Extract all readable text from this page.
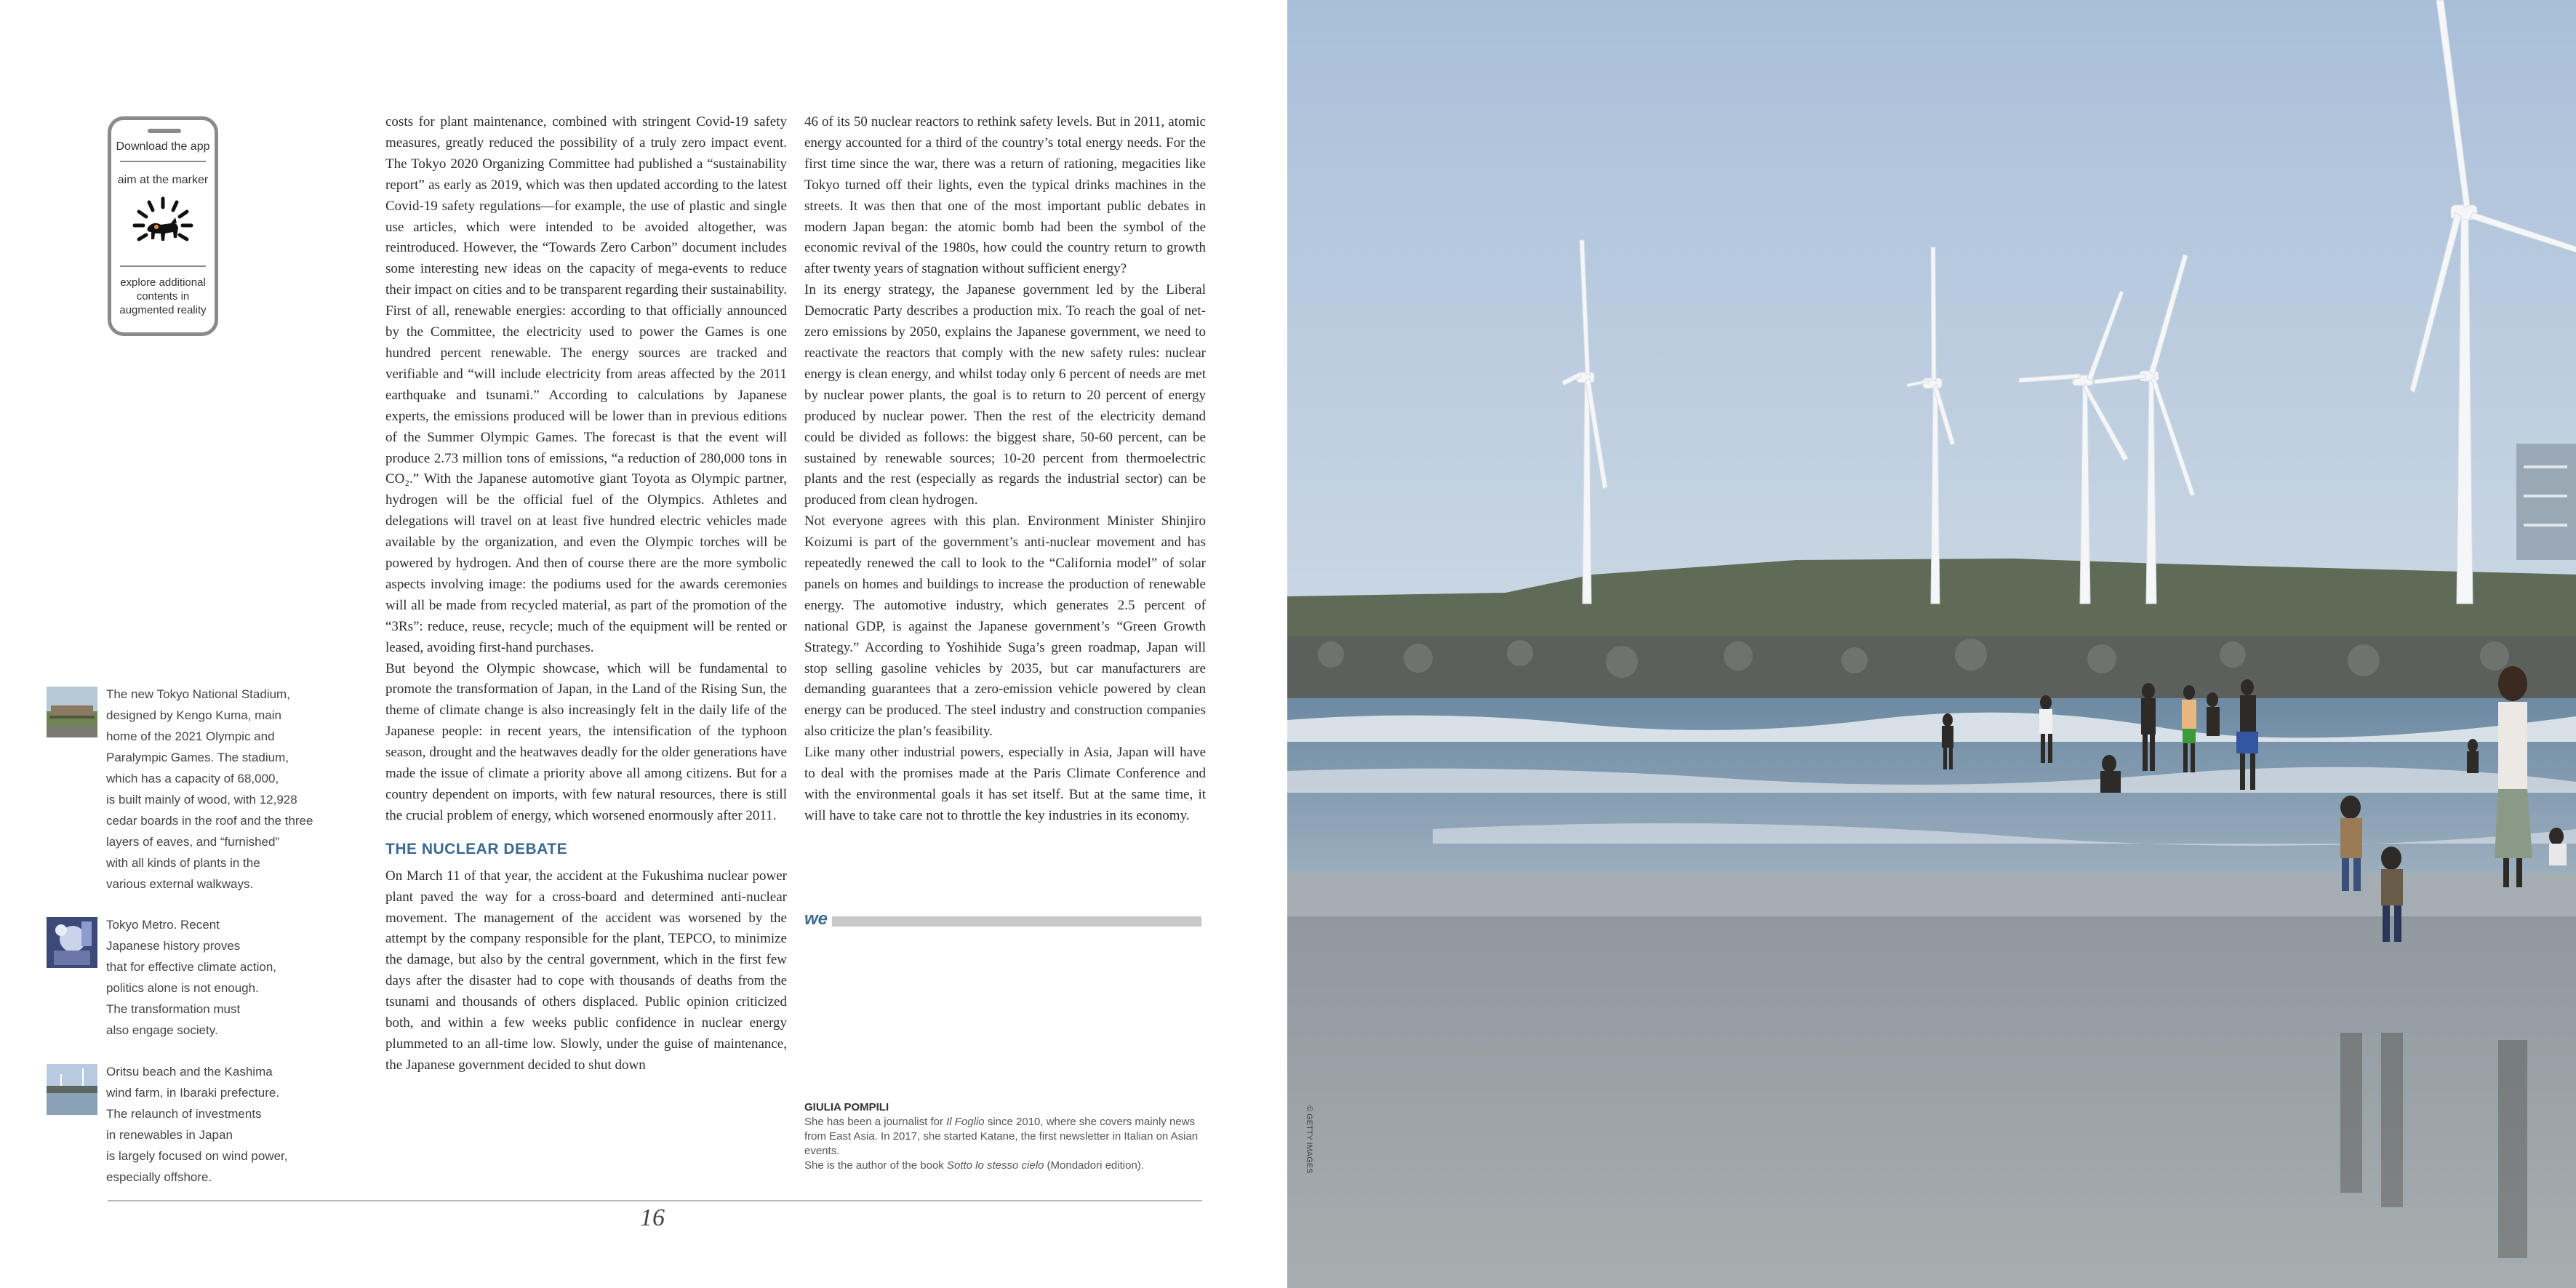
Download the app
aim at the marker
explore additional contents in augmented reality
The new Tokyo National Stadium,
designed by Kengo Kuma, main
home of the 2021 Olympic and
Paralympic Games. The stadium,
which has a capacity of 68,000,
is built mainly of wood, with 12,928
cedar boards in the roof and the three
layers of eaves, and “furnished”
with all kinds of plants in the
various external walkways.
Tokyo Metro. Recent
Japanese history proves
that for effective climate action,
politics alone is not enough.
The transformation must
also engage society.
Oritsu beach and the Kashima
wind farm, in Ibaraki prefecture.
The relaunch of investments
in renewables in Japan
is largely focused on wind power,
especially offshore.

costs for plant maintenance, combined with stringent Covid-19 safety measures, greatly reduced the possibility of a truly zero impact event. The Tokyo 2020 Organizing Committee had published a “sustainability report” as early as 2019, which was then updated according to the latest Covid-19 safety regulations—for example, the use of plastic and single use articles, which were intended to be avoided altogether, was reintroduced. However, the “Towards Zero Carbon” document includes some interesting new ideas on the capacity of mega-events to reduce their impact on cities and to be transparent regarding their sustainability. First of all, renewable energies: according to that officially announced by the Committee, the electricity used to power the Games is one hundred percent renewable. The energy sources are tracked and verifiable and “will include electricity from areas affected by the 2011 earthquake and tsunami.” According to calculations by Japanese experts, the emissions produced will be lower than in previous editions of the Summer Olympic Games. The forecast is that the event will produce 2.73 million tons of emissions, “a reduction of 280,000 tons in CO₂.” With the Japanese automotive giant Toyota as Olympic partner, hydrogen will be the official fuel of the Olympics. Athletes and delegations will travel on at least five hundred electric vehicles made available by the organization, and even the Olympic torches will be powered by hydrogen. And then of course there are the more symbolic aspects involving image: the podiums used for the awards ceremonies will all be made from recycled material, as part of the promotion of the “3Rs”: reduce, reuse, recycle; much of the equipment will be rented or leased, avoiding first-hand purchases.

But beyond the Olympic showcase, which will be fundamental to promote the transformation of Japan, in the Land of the Rising Sun, the theme of climate change is also increasingly felt in the daily life of the Japanese people: in recent years, the intensification of the typhoon season, drought and the heatwaves deadly for the older generations have made the issue of climate a priority above all among citizens. But for a country dependent on imports, with few natural resources, there is still the crucial problem of energy, which worsened enormously after 2011.

THE NUCLEAR DEBATE

On March 11 of that year, the accident at the Fukushima nuclear power plant paved the way for a cross-board and determined anti-nuclear movement. The management of the accident was worsened by the attempt by the company responsible for the plant, TEPCO, to minimize the damage, but also by the central government, which in the first few days after the disaster had to cope with thousands of deaths from the tsunami and thousands of others displaced. Public opinion criticized both, and within a few weeks public confidence in nuclear energy plummeted to an all-time low. Slowly, under the guise of maintenance, the Japanese government decided to shut down

46 of its 50 nuclear reactors to rethink safety levels. But in 2011, atomic energy accounted for a third of the country’s total energy needs. For the first time since the war, there was a return of rationing, megacities like Tokyo turned off their lights, even the typical drinks machines in the streets. It was then that one of the most important public debates in modern Japan began: the atomic bomb had been the symbol of the economic revival of the 1980s, how could the country return to growth after twenty years of stagnation without sufficient energy?

In its energy strategy, the Japanese government led by the Liberal Democratic Party describes a production mix. To reach the goal of net-zero emissions by 2050, explains the Japanese government, we need to reactivate the reactors that comply with the new safety rules: nuclear energy is clean energy, and whilst today only 6 percent of needs are met by nuclear power plants, the goal is to return to 20 percent of energy produced by nuclear power. Then the rest of the electricity demand could be divided as follows: the biggest share, 50-60 percent, can be sustained by renewable sources; 10-20 percent from thermoelectric plants and the rest (especially as regards the industrial sector) can be produced from clean hydrogen.

Not everyone agrees with this plan. Environment Minister Shinjiro Koizumi is part of the government’s anti-nuclear movement and has repeatedly renewed the call to look to the “California model” of solar panels on homes and buildings to increase the production of renewable energy. The automotive industry, which generates 2.5 percent of national GDP, is against the Japanese government’s “Green Growth Strategy.” According to Yoshihide Suga’s green roadmap, Japan will stop selling gasoline vehicles by 2035, but car manufacturers are demanding guarantees that a zero-emission vehicle powered by clean energy can be produced. The steel industry and construction companies also criticize the plan’s feasibility.

Like many other industrial powers, especially in Asia, Japan will have to deal with the promises made at the Paris Climate Conference and with the environmental goals it has set itself. But at the same time, it will have to take care not to throttle the key industries in its economy.

we
GIULIA POMPILI
She has been a journalist for Il Foglio since 2010, where she covers mainly news from East Asia. In 2017, she started Katane, the first newsletter in Italian on Asian events.
She is the author of the book Sotto lo stesso cielo (Mondadori edition).
16
© GETTY IMAGES
